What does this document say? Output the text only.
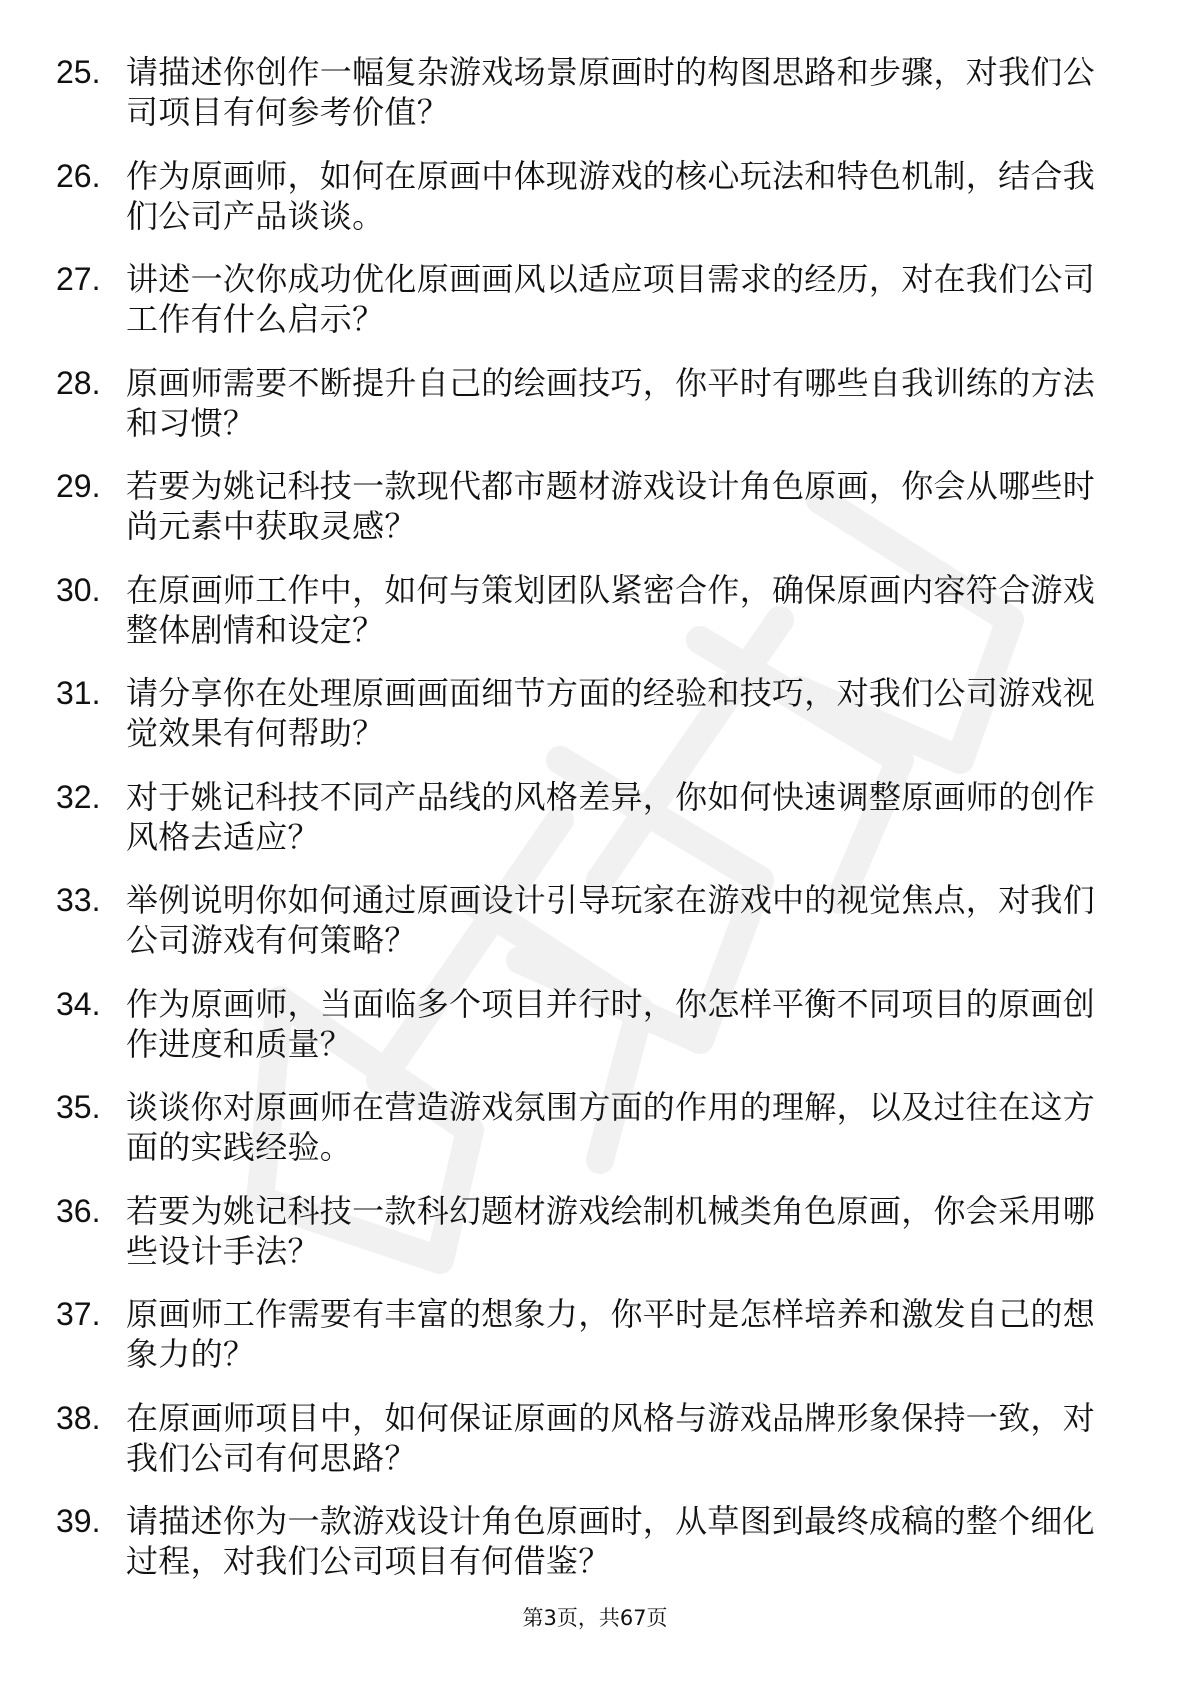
25. 请描述你创作一幅复杂游戏场景原画时的构图思路和步骤，对我们公司项目有何参考价值？
26. 作为原画师，如何在原画中体现游戏的核心玩法和特色机制，结合我们公司产品谈谈。
27. 讲述一次你成功优化原画画风以适应项目需求的经历，对在我们公司工作有什么启示？
28. 原画师需要不断提升自己的绘画技巧，你平时有哪些自我训练的方法和习惯？
29. 若要为姚记科技一款现代都市题材游戏设计角色原画，你会从哪些时尚元素中获取灵感？
30. 在原画师工作中，如何与策划团队紧密合作，确保原画内容符合游戏整体剧情和设定？
31. 请分享你在处理原画画面细节方面的经验和技巧，对我们公司游戏视觉效果有何帮助？
32. 对于姚记科技不同产品线的风格差异，你如何快速调整原画师的创作风格去适应？
33. 举例说明你如何通过原画设计引导玩家在游戏中的视觉焦点，对我们公司游戏有何策略？
34. 作为原画师，当面临多个项目并行时，你怎样平衡不同项目的原画创作进度和质量？
35. 谈谈你对原画师在营造游戏氛围方面的作用的理解，以及过往在这方面的实践经验。
36. 若要为姚记科技一款科幻题材游戏绘制机械类角色原画，你会采用哪些设计手法？
37. 原画师工作需要有丰富的想象力，你平时是怎样培养和激发自己的想象力的？
38. 在原画师项目中，如何保证原画的风格与游戏品牌形象保持一致，对我们公司有何思路？
39. 请描述你为一款游戏设计角色原画时，从草图到最终成稿的整个细化过程，对我们公司项目有何借鉴？
第3页，共67页
